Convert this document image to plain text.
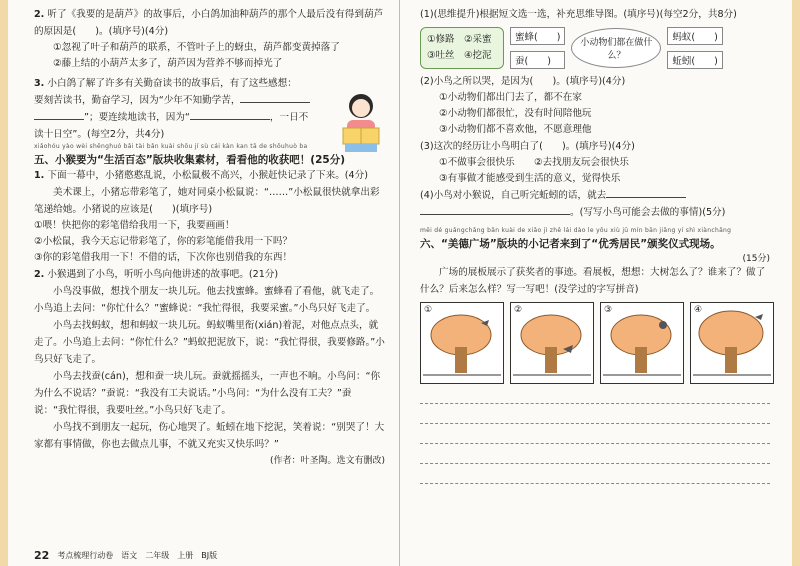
2. 听了《我要的是葫芦》的故事后，小白鸽加油种葫芦的那个人最后没有得到葫芦的原因是(　　)。(填序号)(4分)
①忽视了叶子和葫芦的联系，不管叶子上的蚜虫，葫芦都变黄掉落了
②藤上结的小葫芦太多了，葫芦因为营养不够而掉光了
3. 小白鸽了解了许多有关勤奋读书的故事后，有了这些感想：
要刻苦读书，勤奋学习，因为“少年不知勤学苦，
”；要连续地读书，因为“	，一日不
读十日空”。(每空2分，共4分)
xiǎohóu yào wèi shēnghuó bǎi tài bǎn kuài shōu jí sù cái kàn kan tā de shōuhuò ba
五、小猴要为“生活百态”版块收集素材，看看他的收获吧！(25分)
1. 下面一幕中，小猪憨憨乱说，小松鼠极不高兴，小猴赶快记录了下来。(4分)
美术课上，小猪忘带彩笔了，她对同桌小松鼠说：“……”小松鼠很快就拿出彩笔递给她。小猪说的应该是(　　)(填序号)
①喂！快把你的彩笔借给我用一下，我要画画！
②小松鼠，我今天忘记带彩笔了，你的彩笔能借我用一下吗？
③你的彩笔借我用一下！不借的话，下次你也别借我的东西！
2. 小猴遇到了小鸟，听听小鸟向他讲述的故事吧。(21分)
小鸟没事做，想找个朋友一块儿玩。他去找蜜蜂。蜜蜂看了看他，就飞走了。小鸟追上去问：“你忙什么？”蜜蜂说：“我忙得很，我要采蜜。”小鸟只好飞走了。
小鸟去找蚂蚁，想和蚂蚁一块儿玩。蚂蚁嘴里衔(xián)着泥，对他点点头，就走了。小鸟追上去问：“你忙什么？”蚂蚁把泥放下，说：“我忙得很，我要修路。”小鸟只好飞走了。
小鸟去找蚕(cán)，想和蚕一块儿玩。蚕就摇摇头，一声也不响。小鸟问：“你为什么不说话？”蚕说：“我没有工夫说话。”小鸟问：“为什么没有工夫？”蚕说：“我忙得很，我要吐丝。”小鸟只好飞走了。
小鸟找不到朋友一起玩，伤心地哭了。蚯蚓在地下挖泥，笑着说：“别哭了！大家都有事情做，你也去做点儿事，不就又充实又快乐吗？”
(作者：叶圣陶。选文有删改)
22 考点梳理行动卷　语文　二年级　上册　BJ版
(1)(思维提升)根据短文选一选，补充思维导图。(填序号)(每空2分，共8分)
①修路　②采蜜　③吐丝　④挖泥
蜜蜂(　　)
蚕(　　)
小动物们都在做什么？
蚂蚁(　　)
蚯蚓(　　)
(2)小鸟之所以哭，是因为(　　)。(填序号)(4分)
①小动物们都出门去了，都不在家
②小动物们都很忙，没有时间陪他玩
③小动物们都不喜欢他，不愿意理他
(3)这次的经历让小鸟明白了(　　)。(填序号)(4分)
①不做事会很快乐　　②去找朋友玩会很快乐
③有事做才能感受到生活的意义，觉得快乐
(4)小鸟对小猴说，自己听完蚯蚓的话，就去
。(写写小鸟可能会去做的事情)(5分)
měi dé guǎngchǎng bǎn kuài de xiǎo jì zhě lái dào le yōu xiù jū mín bān jiǎng yí shì xiànchǎng
六、“美德广场”版块的小记者来到了“优秀居民”颁奖仪式现场。
(15分)
广场的展板展示了获奖者的事迹。看展板，想想：大树怎么了？谁来了？做了什么？后来怎么样？写一写吧！(没学过的字写拼音)
①	②	③	④
